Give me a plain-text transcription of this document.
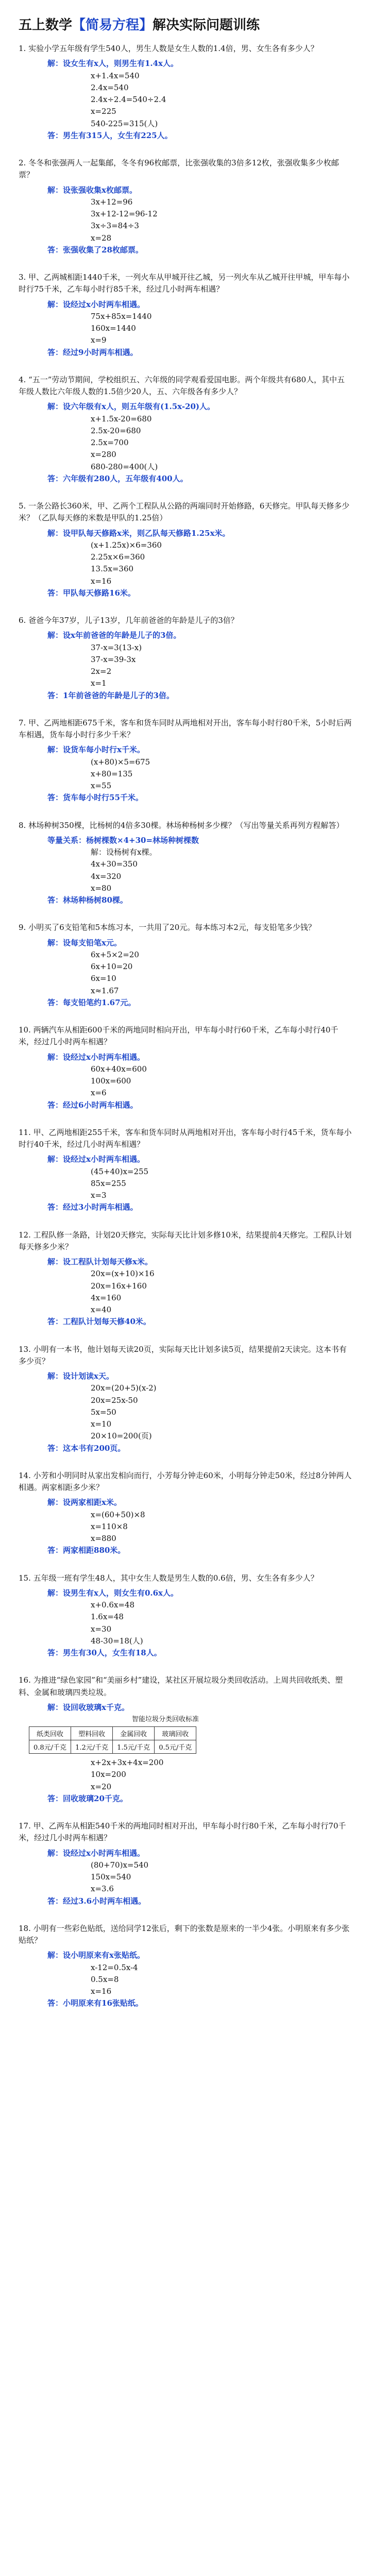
五上数学【简易方程】解决实际问题训练

1. 实验小学五年级有学生540人，男生人数是女生人数的1.4倍，男、女生各有多少人？

解：设女生有x人，则男生有1.4x人。
x+1.4x=540
2.4x=540
2.4x÷2.4=540÷2.4
x=225
540-225=315(人)
答：男生有315人，女生有225人。

2. 冬冬和张强两人一起集邮，冬冬有96枚邮票，比张强收集的3倍多12枚，张强收集多少枚邮票？

解：设张强收集x枚邮票。
3x+12=96
3x+12-12=96-12
3x÷3=84÷3
x=28
答：张强收集了28枚邮票。

3. 甲、乙两城相距1440千米，一列火车从甲城开往乙城，另一列火车从乙城开往甲城，甲车每小时行75千米，乙车每小时行85千米，经过几小时两车相遇？

解：设经过x小时两车相遇。
75x+85x=1440
160x=1440
x=9
答：经过9小时两车相遇。

4. “五一”劳动节期间，学校组织五、六年级的同学观看爱国电影。两个年级共有680人，其中五年级人数比六年级人数的1.5倍少20人，五、六年级各有多少人？

解：设六年级有x人，则五年级有(1.5x-20)人。
x+1.5x-20=680
2.5x-20=680
2.5x=700
x=280
680-280=400(人)
答：六年级有280人，五年级有400人。

5. 一条公路长360米，甲、乙两个工程队从公路的两端同时开始修路，6天修完。甲队每天修多少米？（乙队每天修的米数是甲队的1.25倍）

解：设甲队每天修路x米，则乙队每天修路1.25x米。
(x+1.25x)×6=360
2.25x×6=360
13.5x=360
x=16
答：甲队每天修路16米。

6. 爸爸今年37岁，儿子13岁，几年前爸爸的年龄是儿子的3倍？

解：设x年前爸爸的年龄是儿子的3倍。
37-x=3(13-x)
37-x=39-3x
2x=2
x=1
答：1年前爸爸的年龄是儿子的3倍。

7. 甲、乙两地相距675千米，客车和货车同时从两地相对开出，客车每小时行80千米，5小时后两车相遇，货车每小时行多少千米？

解：设货车每小时行x千米。
(x+80)×5=675
x+80=135
x=55
答：货车每小时行55千米。

8. 林场种树350棵，比杨树的4倍多30棵。林场种杨树多少棵？（写出等量关系再列方程解答）

等量关系：杨树棵数×4+30=林场种树棵数
解：设杨树有x棵。
4x+30=350
4x=320
x=80
答：林场种杨树80棵。

9. 小明买了6支铅笔和5本练习本，一共用了20元。每本练习本2元，每支铅笔多少钱？

解：设每支铅笔x元。
6x+5×2=20
6x+10=20
6x=10
x≈1.67
答：每支铅笔约1.67元。

10. 两辆汽车从相距600千米的两地同时相向开出，甲车每小时行60千米，乙车每小时行40千米，经过几小时两车相遇？

解：设经过x小时两车相遇。
60x+40x=600
100x=600
x=6
答：经过6小时两车相遇。

11. 甲、乙两地相距255千米，客车和货车同时从两地相对开出，客车每小时行45千米，货车每小时行40千米，经过几小时两车相遇？

解：设经过x小时两车相遇。
(45+40)x=255
85x=255
x=3
答：经过3小时两车相遇。

12. 工程队修一条路，计划20天修完，实际每天比计划多修10米，结果提前4天修完。工程队计划每天修多少米？

解：设工程队计划每天修x米。
20x=(x+10)×16
20x=16x+160
4x=160
x=40
答：工程队计划每天修40米。

13. 小明有一本书，他计划每天读20页，实际每天比计划多读5页，结果提前2天读完。这本书有多少页？

解：设计划读x天。
20x=(20+5)(x-2)
20x=25x-50
5x=50
x=10
20×10=200(页)
答：这本书有200页。

14. 小芳和小明同时从家出发相向而行，小芳每分钟走60米，小明每分钟走50米，经过8分钟两人相遇。两家相距多少米？

解：设两家相距x米。
x=(60+50)×8
x=110×8
x=880
答：两家相距880米。

15. 五年级一班有学生48人，其中女生人数是男生人数的0.6倍，男、女生各有多少人？

解：设男生有x人，则女生有0.6x人。
x+0.6x=48
1.6x=48
x=30
48-30=18(人)
答：男生有30人，女生有18人。

16. 为推进“绿色家园”和“美丽乡村”建设，某社区开展垃圾分类回收活动。上周共回收纸类、塑料、金属和玻璃四类垃圾。

解：设回收玻璃x千克。
智能垃圾分类回收标准
纸类回收	塑料回收	金属回收	玻璃回收
0.8元/千克	1.2元/千克	1.5元/千克	0.5元/千克
x+2x+3x+4x=200
10x=200
x=20
答：回收玻璃20千克。

17. 甲、乙两车从相距540千米的两地同时相对开出，甲车每小时行80千米，乙车每小时行70千米，经过几小时两车相遇？

解：设经过x小时两车相遇。
(80+70)x=540
150x=540
x=3.6
答：经过3.6小时两车相遇。

18. 小明有一些彩色贴纸，送给同学12张后，剩下的张数是原来的一半少4张。小明原来有多少张贴纸？

解：设小明原来有x张贴纸。
x-12=0.5x-4
0.5x=8
x=16
答：小明原来有16张贴纸。
